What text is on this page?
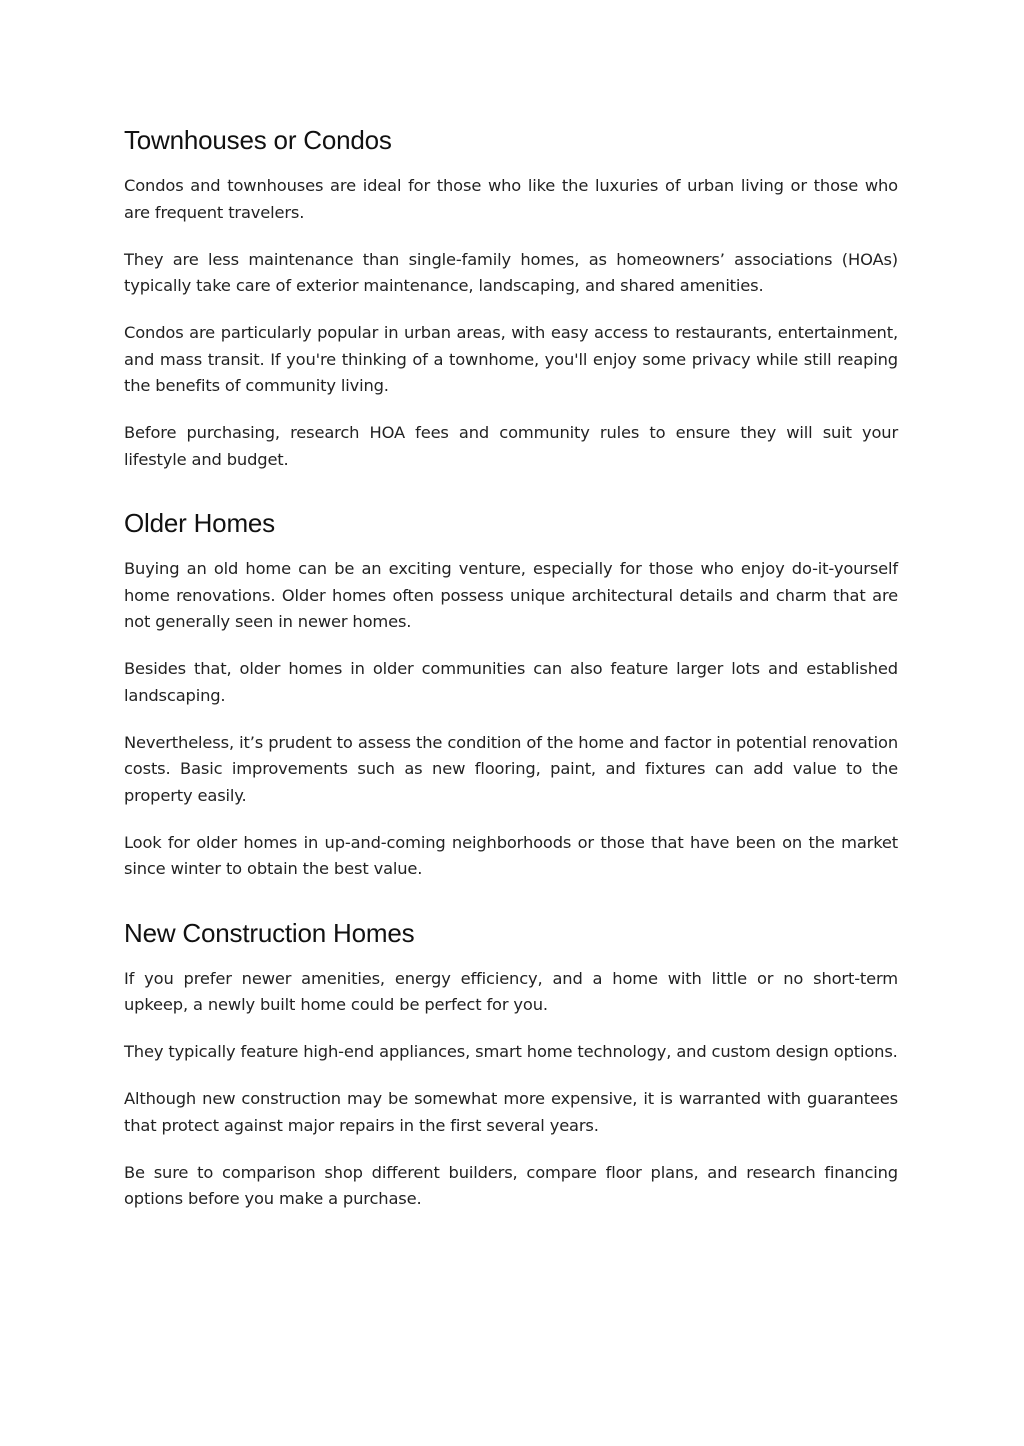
Townhouses or Condos

Condos and townhouses are ideal for those who like the luxuries of urban living or those who are frequent travelers.

They are less maintenance than single-family homes, as homeowners’ associations (HOAs) typically take care of exterior maintenance, landscaping, and shared amenities.

Condos are particularly popular in urban areas, with easy access to restaurants, entertainment, and mass transit. If you're thinking of a townhome, you'll enjoy some privacy while still reaping the benefits of community living.

Before purchasing, research HOA fees and community rules to ensure they will suit your lifestyle and budget.

Older Homes

Buying an old home can be an exciting venture, especially for those who enjoy do-it-yourself home renovations. Older homes often possess unique architectural details and charm that are not generally seen in newer homes.

Besides that, older homes in older communities can also feature larger lots and established landscaping.

Nevertheless, it’s prudent to assess the condition of the home and factor in potential renovation costs. Basic improvements such as new flooring, paint, and fixtures can add value to the property easily.

Look for older homes in up-and-coming neighborhoods or those that have been on the market since winter to obtain the best value.

New Construction Homes

If you prefer newer amenities, energy efficiency, and a home with little or no short-term upkeep, a newly built home could be perfect for you.

They typically feature high-end appliances, smart home technology, and custom design options.

Although new construction may be somewhat more expensive, it is warranted with guarantees that protect against major repairs in the first several years.

Be sure to comparison shop different builders, compare floor plans, and research financing options before you make a purchase.
